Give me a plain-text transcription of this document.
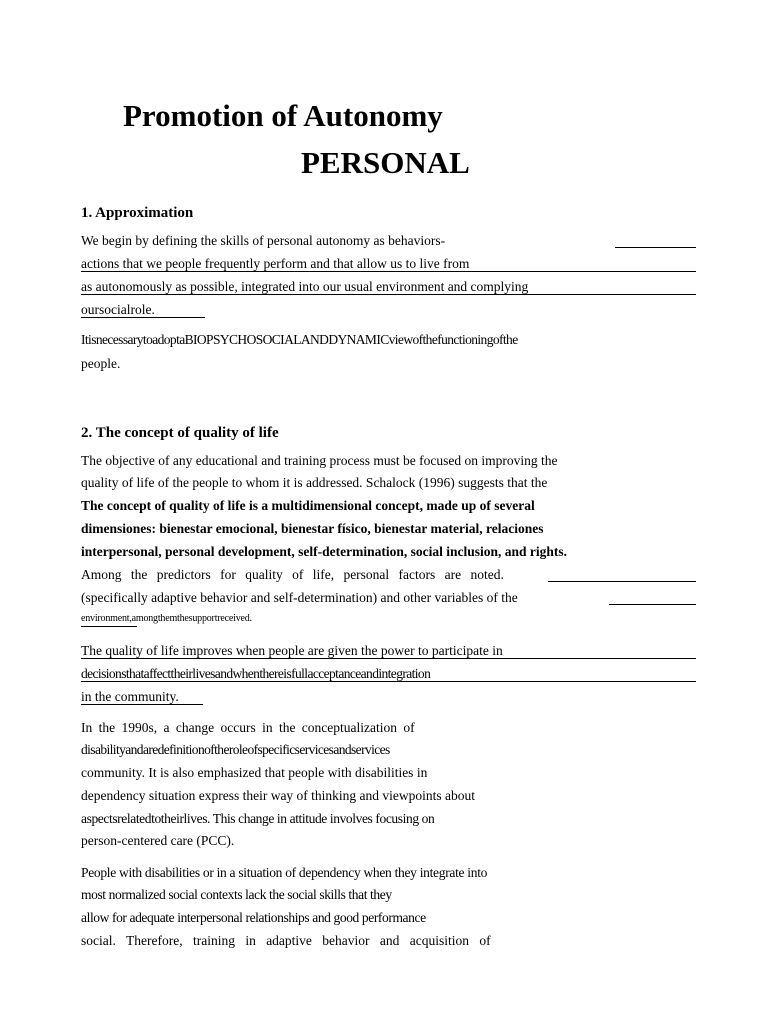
Promotion of Autonomy
PERSONAL
1. Approximation
We begin by defining the skills of personal autonomy as behaviors-
actions that we people frequently perform and that allow us to live from
as autonomously as possible, integrated into our usual environment and complying
oursocialrole.
ItisnecessarytoadoptaBIOPSYCHOSOCIALANDDYNAMICviewofthefunctioningofthe
people.
2. The concept of quality of life
The objective of any educational and training process must be focused on improving the
quality of life of the people to whom it is addressed. Schalock (1996) suggests that the
The concept of quality of life is a multidimensional concept, made up of several
dimensiones: bienestar emocional, bienestar físico, bienestar material, relaciones
interpersonal, personal development, self-determination, social inclusion, and rights.
Among the predictors for quality of life, personal factors are noted.
(specifically adaptive behavior and self-determination) and other variables of the
environment,amongthemthesupportreceived.
The quality of life improves when people are given the power to participate in
decisionsthataffecttheirlivesandwhenthereisfullacceptanceandintegration
in the community.
In the 1990s, a change occurs in the conceptualization of
disabilityandaredefinitionoftheroleofspecificservicesandservices
community. It is also emphasized that people with disabilities in
dependency situation express their way of thinking and viewpoints about
aspectsrelatedtotheirlives. This change in attitude involves focusing on
person-centered care (PCC).
People with disabilities or in a situation of dependency when they integrate into
most normalized social contexts lack the social skills that they
allow for adequate interpersonal relationships and good performance
social. Therefore, training in adaptive behavior and acquisition of
